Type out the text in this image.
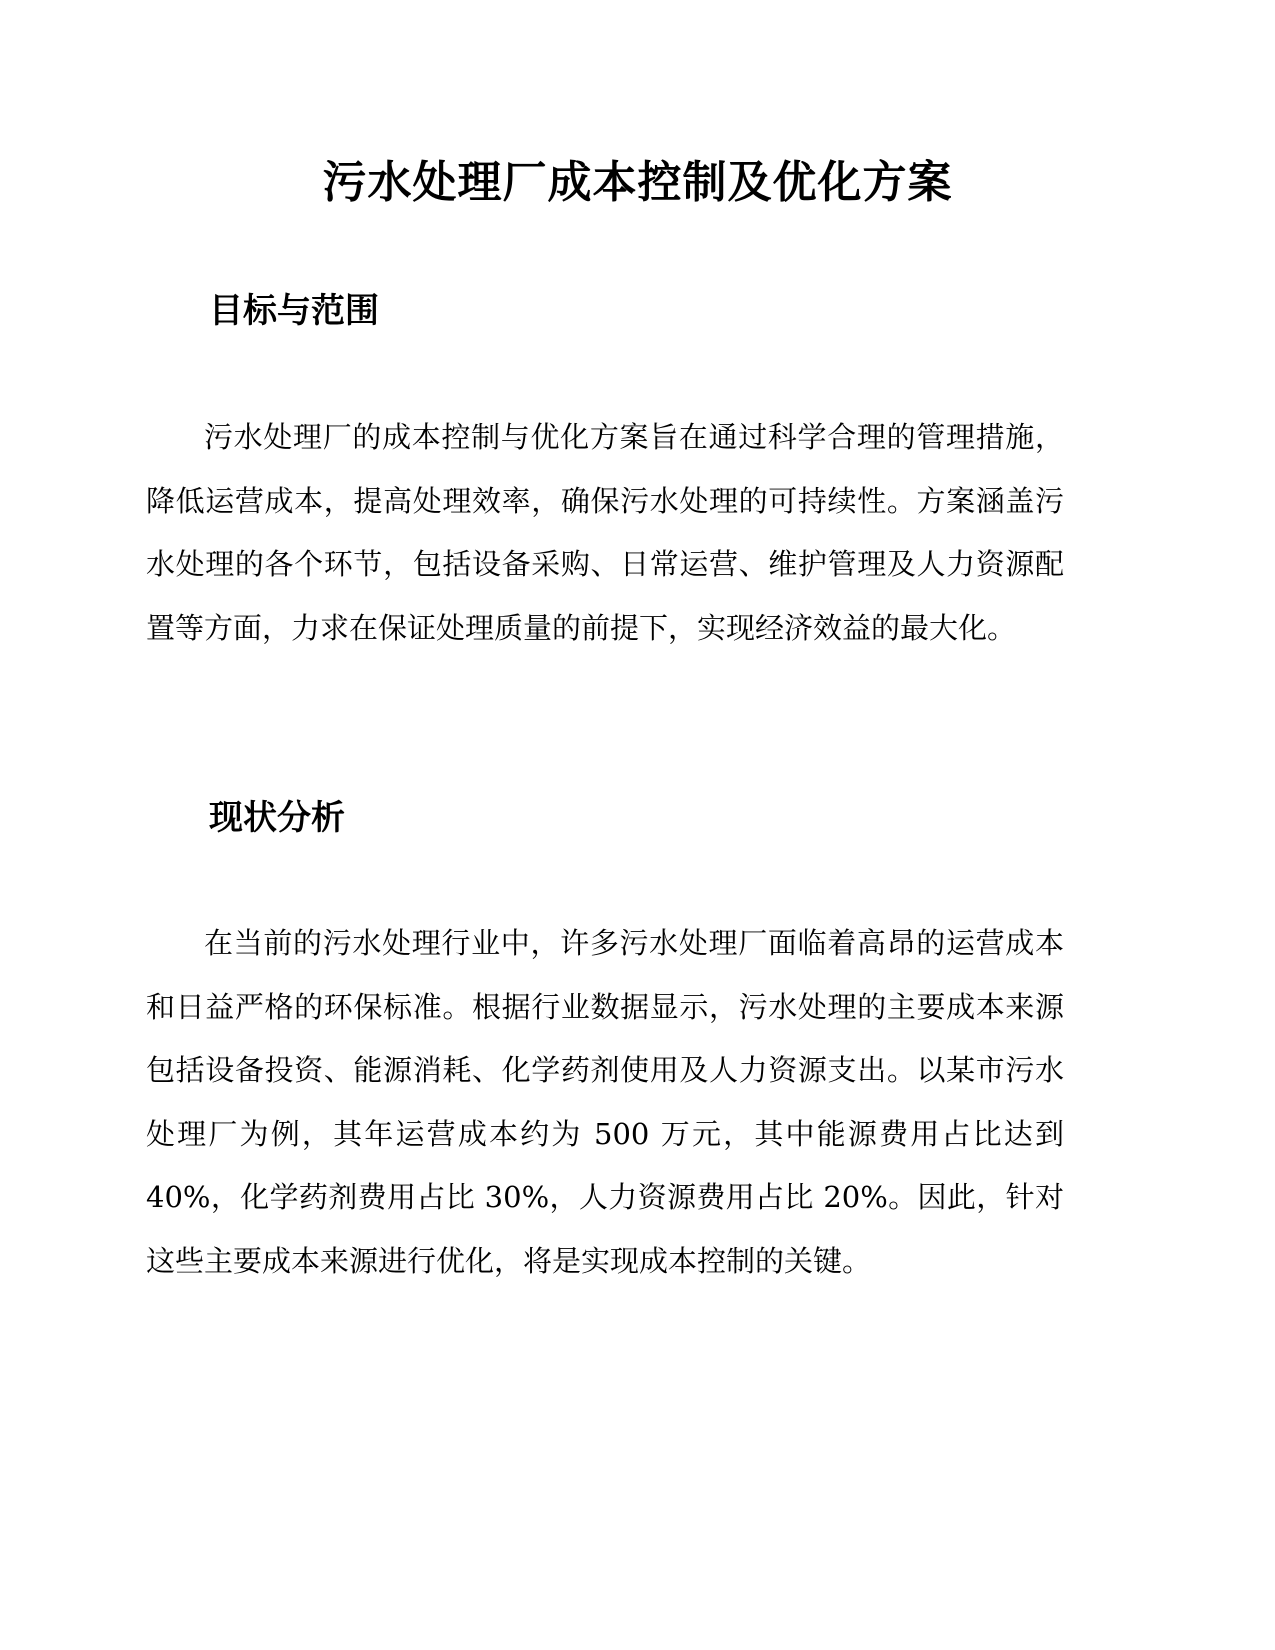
污水处理厂成本控制及优化方案
目标与范围

污水处理厂的成本控制与优化方案旨在通过科学合理的管理措施，降低运营成本，提高处理效率，确保污水处理的可持续性。方案涵盖污水处理的各个环节，包括设备采购、日常运营、维护管理及人力资源配置等方面，力求在保证处理质量的前提下，实现经济效益的最大化。

现状分析

在当前的污水处理行业中，许多污水处理厂面临着高昂的运营成本和日益严格的环保标准。根据行业数据显示，污水处理的主要成本来源包括设备投资、能源消耗、化学药剂使用及人力资源支出。以某市污水处理厂为例，其年运营成本约为 500 万元，其中能源费用占比达到 40%，化学药剂费用占比 30%，人力资源费用占比 20%。因此，针对这些主要成本来源进行优化，将是实现成本控制的关键。
